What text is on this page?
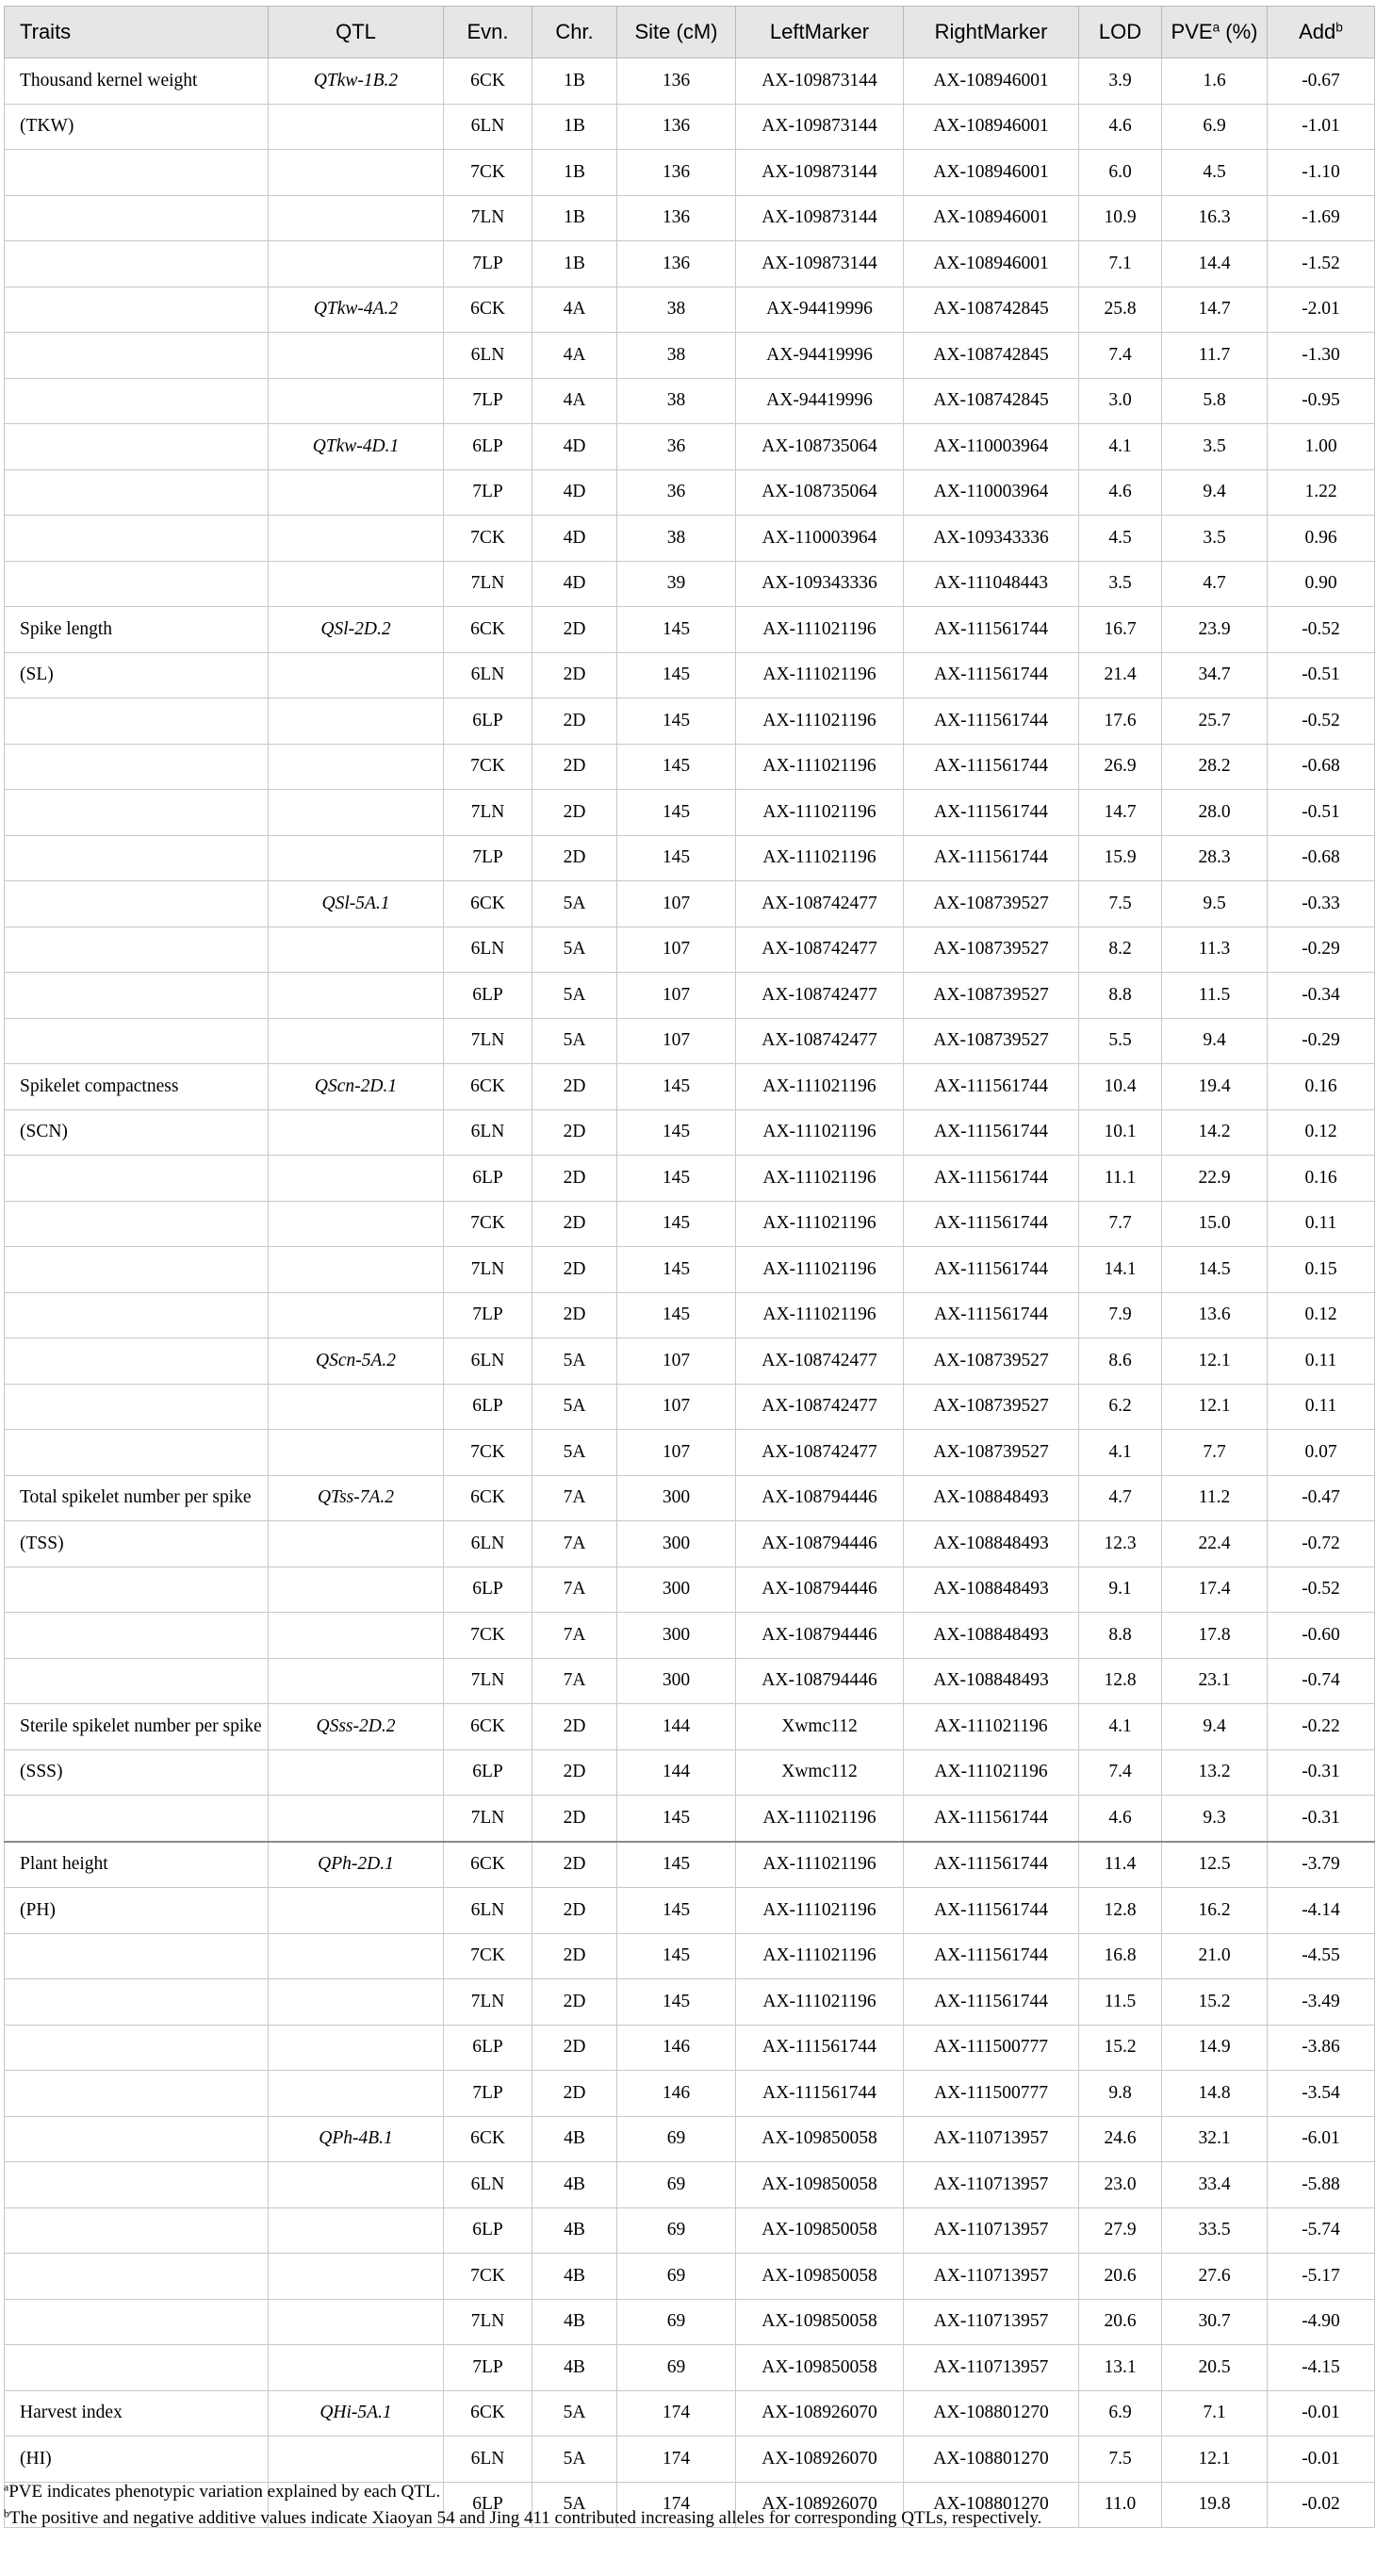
Traits	QTL	Evn.	Chr.	Site (cM)	LeftMarker	RightMarker	LOD	PVE$^a$ (%)	Add$^b$
Thousand kernel weight	QTkw-1B.2	6CK	1B	136	AX-109873144	AX-108946001	3.9	1.6	-0.67
(TKW)		6LN	1B	136	AX-109873144	AX-108946001	4.6	6.9	-1.01
		7CK	1B	136	AX-109873144	AX-108946001	6.0	4.5	-1.10
		7LN	1B	136	AX-109873144	AX-108946001	10.9	16.3	-1.69
		7LP	1B	136	AX-109873144	AX-108946001	7.1	14.4	-1.52
	QTkw-4A.2	6CK	4A	38	AX-94419996	AX-108742845	25.8	14.7	-2.01
		6LN	4A	38	AX-94419996	AX-108742845	7.4	11.7	-1.30
		7LP	4A	38	AX-94419996	AX-108742845	3.0	5.8	-0.95
	QTkw-4D.1	6LP	4D	36	AX-108735064	AX-110003964	4.1	3.5	1.00
		7LP	4D	36	AX-108735064	AX-110003964	4.6	9.4	1.22
		7CK	4D	38	AX-110003964	AX-109343336	4.5	3.5	0.96
		7LN	4D	39	AX-109343336	AX-111048443	3.5	4.7	0.90
Spike length	QSl-2D.2	6CK	2D	145	AX-111021196	AX-111561744	16.7	23.9	-0.52
(SL)		6LN	2D	145	AX-111021196	AX-111561744	21.4	34.7	-0.51
		6LP	2D	145	AX-111021196	AX-111561744	17.6	25.7	-0.52
		7CK	2D	145	AX-111021196	AX-111561744	26.9	28.2	-0.68
		7LN	2D	145	AX-111021196	AX-111561744	14.7	28.0	-0.51
		7LP	2D	145	AX-111021196	AX-111561744	15.9	28.3	-0.68
	QSl-5A.1	6CK	5A	107	AX-108742477	AX-108739527	7.5	9.5	-0.33
		6LN	5A	107	AX-108742477	AX-108739527	8.2	11.3	-0.29
		6LP	5A	107	AX-108742477	AX-108739527	8.8	11.5	-0.34
		7LN	5A	107	AX-108742477	AX-108739527	5.5	9.4	-0.29
Spikelet compactness	QScn-2D.1	6CK	2D	145	AX-111021196	AX-111561744	10.4	19.4	0.16
(SCN)		6LN	2D	145	AX-111021196	AX-111561744	10.1	14.2	0.12
		6LP	2D	145	AX-111021196	AX-111561744	11.1	22.9	0.16
		7CK	2D	145	AX-111021196	AX-111561744	7.7	15.0	0.11
		7LN	2D	145	AX-111021196	AX-111561744	14.1	14.5	0.15
		7LP	2D	145	AX-111021196	AX-111561744	7.9	13.6	0.12
	QScn-5A.2	6LN	5A	107	AX-108742477	AX-108739527	8.6	12.1	0.11
		6LP	5A	107	AX-108742477	AX-108739527	6.2	12.1	0.11
		7CK	5A	107	AX-108742477	AX-108739527	4.1	7.7	0.07
Total spikelet number per spike	QTss-7A.2	6CK	7A	300	AX-108794446	AX-108848493	4.7	11.2	-0.47
(TSS)		6LN	7A	300	AX-108794446	AX-108848493	12.3	22.4	-0.72
		6LP	7A	300	AX-108794446	AX-108848493	9.1	17.4	-0.52
		7CK	7A	300	AX-108794446	AX-108848493	8.8	17.8	-0.60
		7LN	7A	300	AX-108794446	AX-108848493	12.8	23.1	-0.74
Sterile spikelet number per spike	QSss-2D.2	6CK	2D	144	Xwmc112	AX-111021196	4.1	9.4	-0.22
(SSS)		6LP	2D	144	Xwmc112	AX-111021196	7.4	13.2	-0.31
		7LN	2D	145	AX-111021196	AX-111561744	4.6	9.3	-0.31
Plant height	QPh-2D.1	6CK	2D	145	AX-111021196	AX-111561744	11.4	12.5	-3.79
(PH)		6LN	2D	145	AX-111021196	AX-111561744	12.8	16.2	-4.14
		7CK	2D	145	AX-111021196	AX-111561744	16.8	21.0	-4.55
		7LN	2D	145	AX-111021196	AX-111561744	11.5	15.2	-3.49
		6LP	2D	146	AX-111561744	AX-111500777	15.2	14.9	-3.86
		7LP	2D	146	AX-111561744	AX-111500777	9.8	14.8	-3.54
	QPh-4B.1	6CK	4B	69	AX-109850058	AX-110713957	24.6	32.1	-6.01
		6LN	4B	69	AX-109850058	AX-110713957	23.0	33.4	-5.88
		6LP	4B	69	AX-109850058	AX-110713957	27.9	33.5	-5.74
		7CK	4B	69	AX-109850058	AX-110713957	20.6	27.6	-5.17
		7LN	4B	69	AX-109850058	AX-110713957	20.6	30.7	-4.90
		7LP	4B	69	AX-109850058	AX-110713957	13.1	20.5	-4.15
Harvest index	QHi-5A.1	6CK	5A	174	AX-108926070	AX-108801270	6.9	7.1	-0.01
(HI)		6LN	5A	174	AX-108926070	AX-108801270	7.5	12.1	-0.01
		6LP	5A	174	AX-108926070	AX-108801270	11.0	19.8	-0.02

$^a$PVE indicates phenotypic variation explained by each QTL.

$^b$The positive and negative additive values indicate Xiaoyan 54 and Jing 411 contributed increasing alleles for corresponding QTLs, respectively.
